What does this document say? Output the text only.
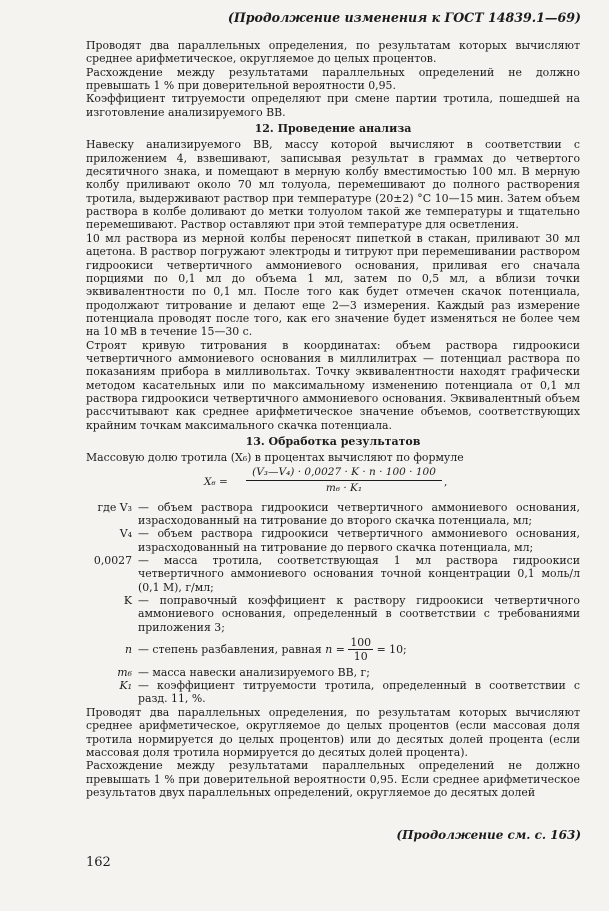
(Продолжение изменения к ГОСТ 14839.1—69)

Проводят два параллельных определения, по результатам которых вычисляют среднее арифметическое, округляемое до целых процентов.

Расхождение между результатами параллельных определений не должно превышать 1 % при доверительной вероятности 0,95.

Коэффициент титруемости определяют при смене партии тротила, пошедшей на изготовление анализируемого ВВ.

12. Проведение анализа

Навеску анализируемого ВВ, массу которой вычисляют в соответствии с приложением 4, взвешивают, записывая результат в граммах до четвертого десятичного знака, и помещают в мерную колбу вместимостью 100 мл. В мерную колбу приливают около 70 мл толуола, перемешивают до полного растворения тротила, выдерживают раствор при температуре (20±2) °C 10—15 мин. Затем объем раствора в колбе доливают до метки толуолом такой же температуры и тщательно перемешивают. Раствор оставляют при этой температуре для осветления.

10 мл раствора из мерной колбы переносят пипеткой в стакан, приливают 30 мл ацетона. В раствор погружают электроды и титруют при перемешивании раствором гидроокиси четвертичного аммониевого основания, приливая его сначала порциями по 0,1 мл до объема 1 мл, затем по 0,5 мл, а вблизи точки эквивалентности по 0,1 мл. После того как будет отмечен скачок потенциала, продолжают титрование и делают еще 2—3 измерения. Каждый раз измерение потенциала проводят после того, как его значение будет изменяться не более чем на 10 мВ в течение 15—30 с.

Строят кривую титрования в координатах: объем раствора гидроокиси четвертичного аммониевого основания в миллилитрах — потенциал раствора по показаниям прибора в милливольтах. Точку эквивалентности находят графически методом касательных или по максимальному изменению потенциала от 0,1 мл раствора гидроокиси четвертичного аммониевого основания. Эквивалентный объем рассчитывают как среднее арифметическое значение объемов, соответствующих крайним точкам максимального скачка потенциала.

13. Обработка результатов

Массовую долю тротила (X₆) в процентах вычисляют по формуле

$X_6 = \frac{\text{(V₃—V₄) · 0,0027 · K · n · 100 · 100}}{\text{m₆ · K₁}}$ ,
где V₃ — объем раствора гидроокиси четвертичного аммониевого основания, израсходованный на титрование до второго скачка потенциала, мл;
V₄ — объем раствора гидроокиси четвертичного аммониевого основания, израсходованный на титрование до первого скачка потенциала, мл;
0,0027 — масса тротила, соответствующая 1 мл раствора гидроокиси четвертичного аммониевого основания точной концентрации 0,1 моль/л (0,1 М), г/мл;
K — поправочный коэффициент к раствору гидроокиси четвертичного аммониевого основания, определенный в соответствии с требованиями приложения 3;
n — степень разбавления, равная $n = \frac{100}{10} = 10$;
m₆ — масса навески анализируемого ВВ, г;
K₁ — коэффициент титруемости тротила, определенный в соответствии с разд. 11, %.

Проводят два параллельных определения, по результатам которых вычисляют среднее арифметическое, округляемое до целых процентов (если массовая доля тротила нормируется до целых процентов) или до десятых долей процента (если массовая доля тротила нормируется до десятых долей процента).

Расхождение между результатами параллельных определений не должно превышать 1 % при доверительной вероятности 0,95. Если среднее арифметическое результатов двух параллельных определений, округляемое до десятых долей

(Продолжение см. с. 163)
162
